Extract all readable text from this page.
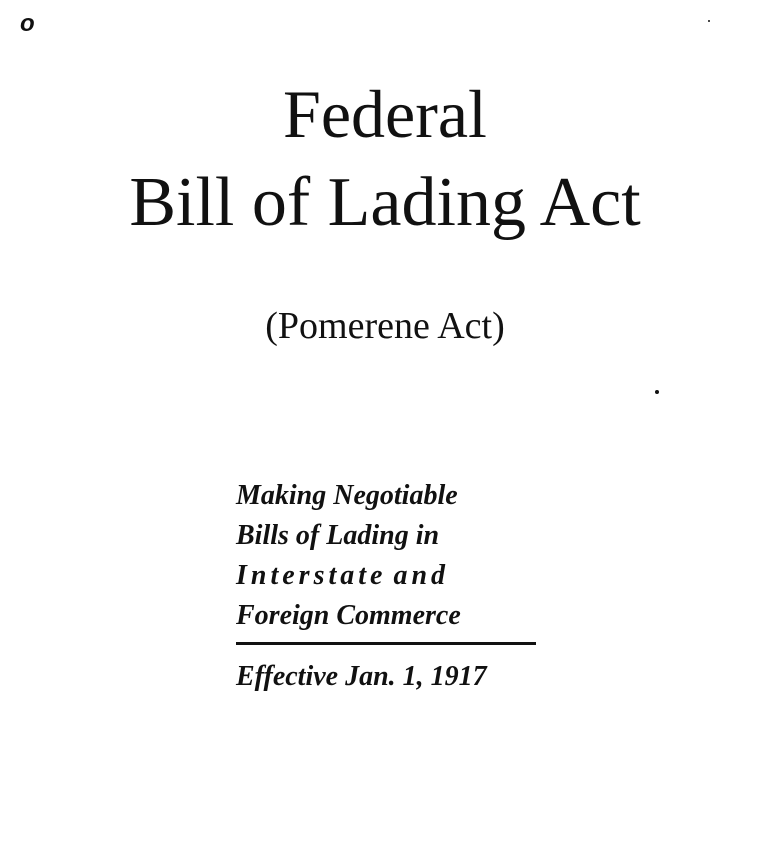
o
Federal
Bill of Lading Act
(Pomerene Act)
Making Negotiable
Bills of Lading in
Interstate and
Foreign Commerce
Effective Jan. 1, 1917
